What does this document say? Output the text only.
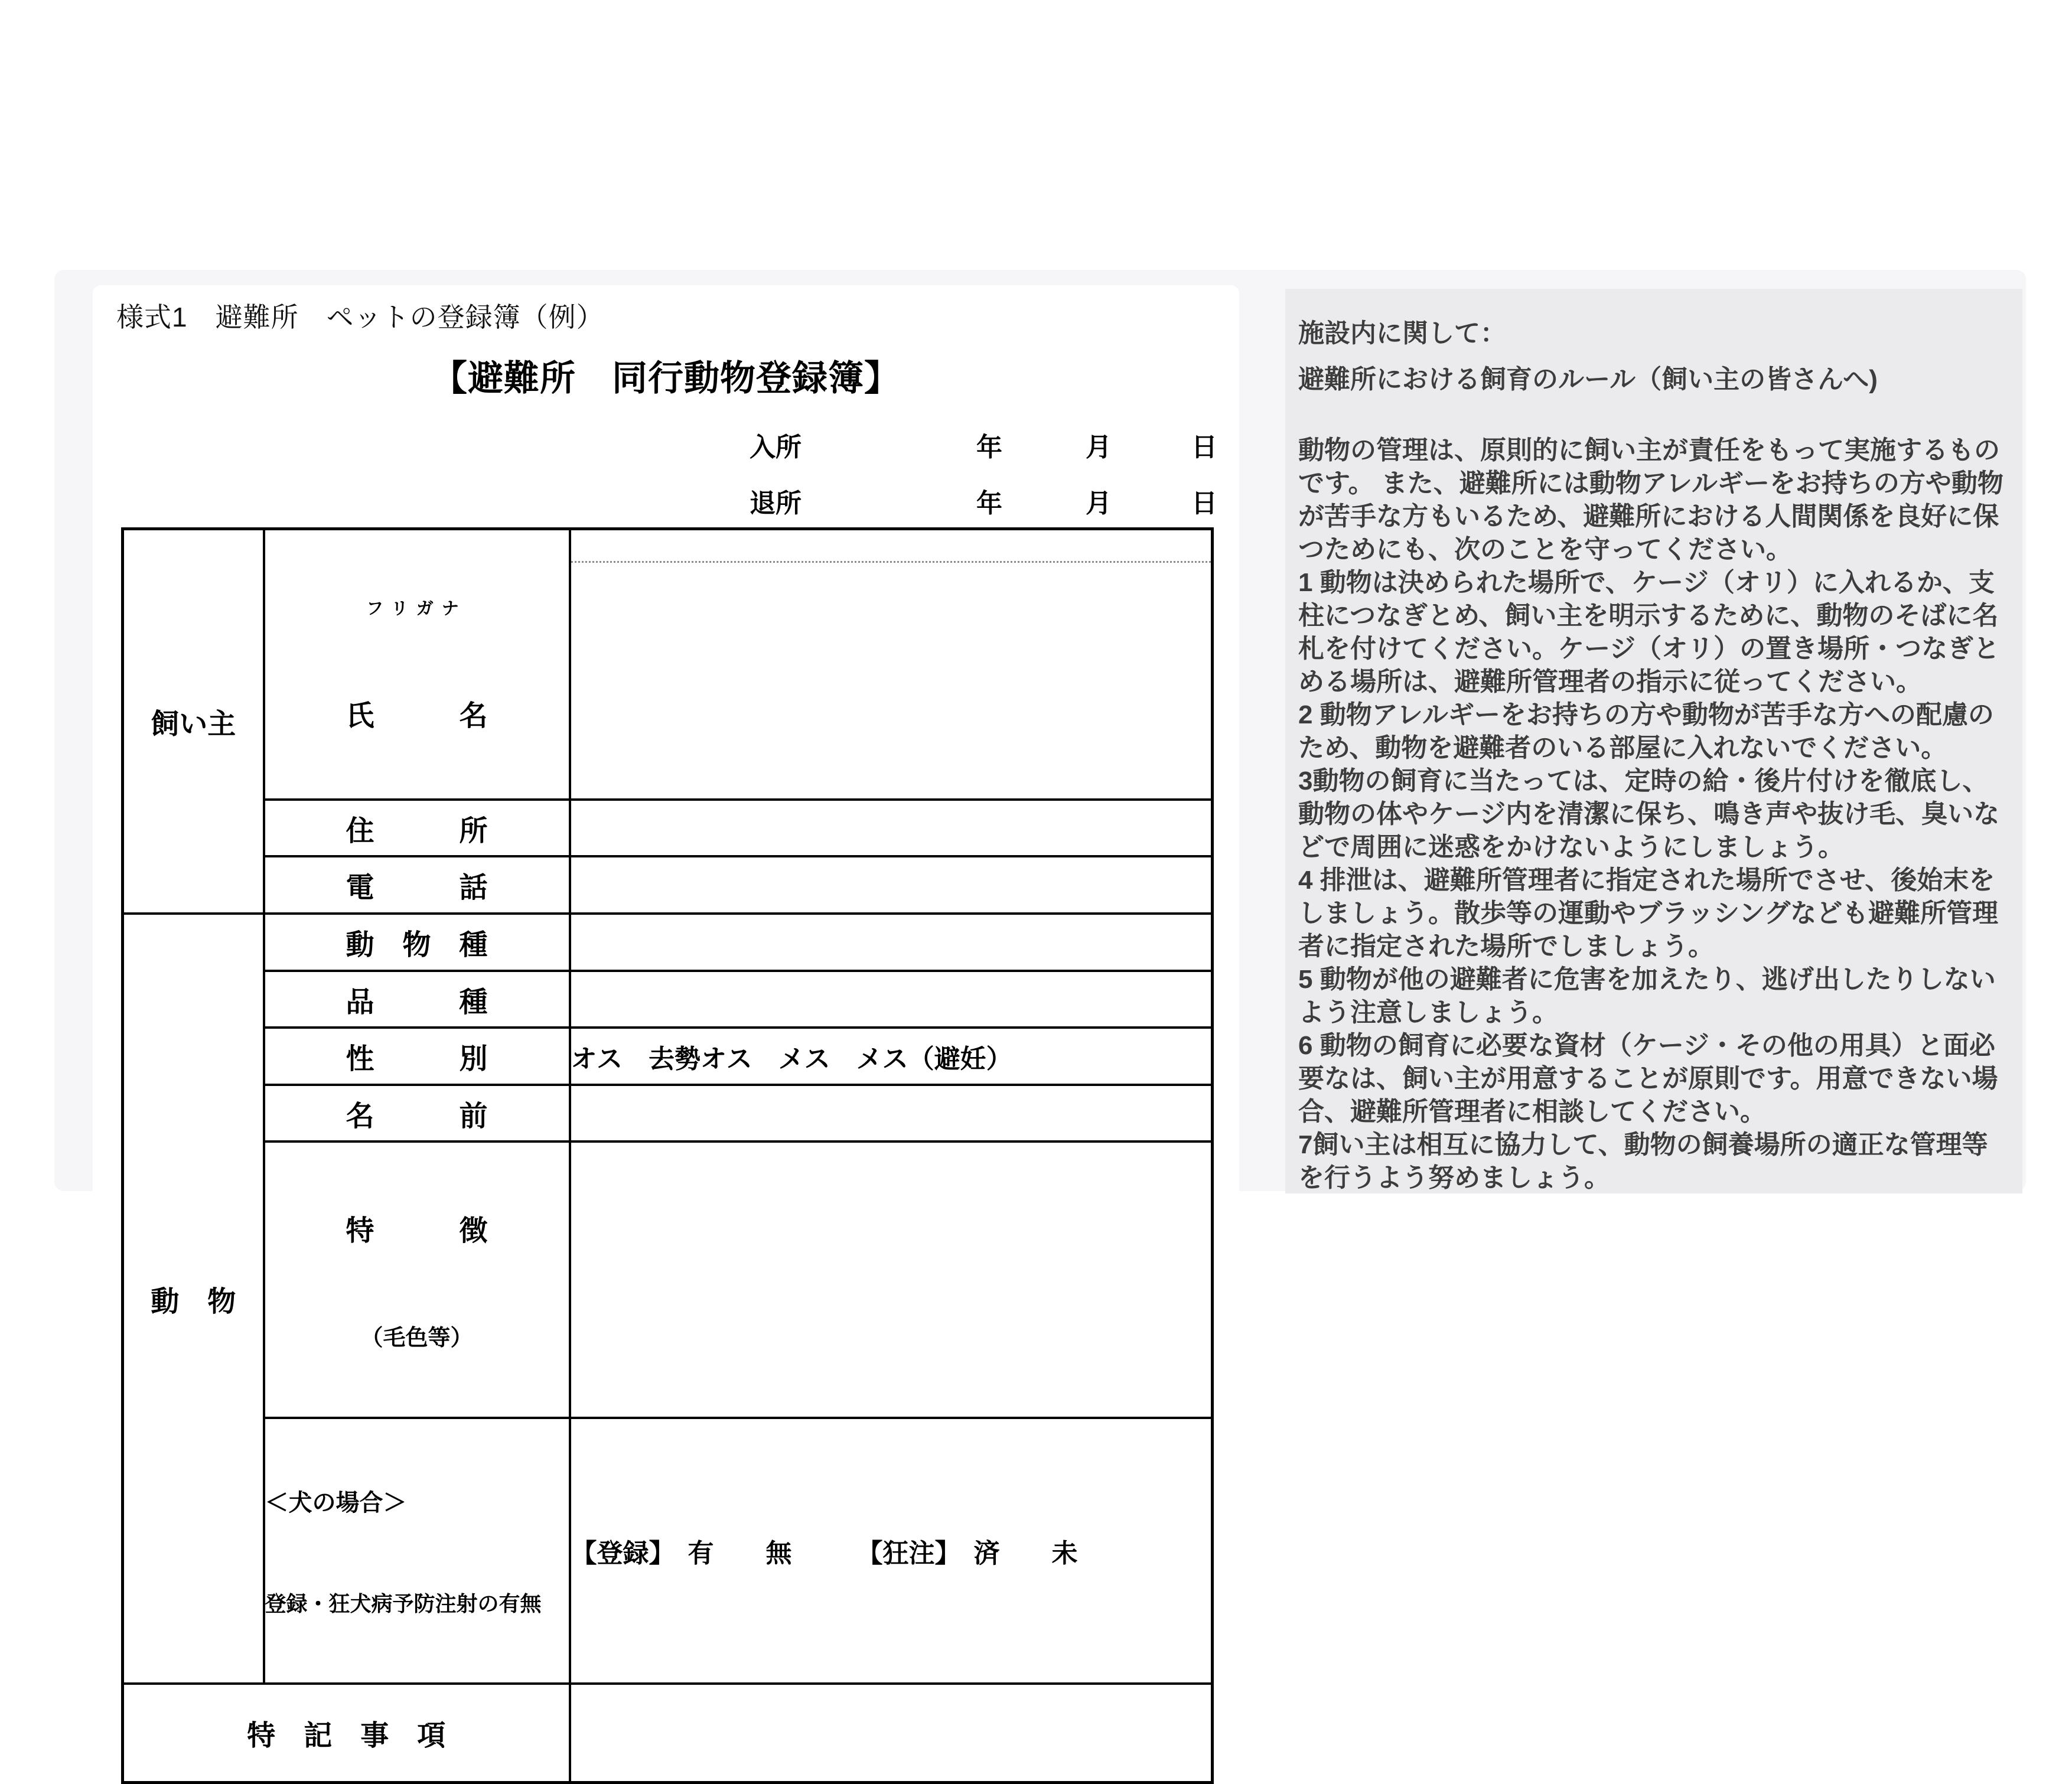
様式1　避難所　ペットの登録簿（例）
【避難所　同行動物登録簿】
入所	年	月	日
退所	年	月	日
飼い主	フリガナ

氏　　　名	

	住　　　所	
	電　　　話	
動　物	動　物　種	
	品　　　種	
	性　　　別	オス　去勢オス　メス　メス（避妊）
	名　　　前	

	特　　　徴

（毛色等）	

	＜犬の場合＞

登録・狂犬病予防注射の有無	【登録】　有　　無　　　【狂注】　済　　未
特　記　事　項		
施設内に関して：
避難所における飼育のルール（飼い主の皆さんへ)
動物の管理は、原則的に飼い主が責任をもって実施するものです。 また、避難所には動物アレルギーをお持ちの方や動物が苦手な方もいるため、避難所における人間関係を良好に保つためにも、次のことを守ってください。
1 動物は決められた場所で、ケージ（オリ）に入れるか、支柱につなぎとめ、飼い主を明示するために、動物のそばに名札を付けてください。ケージ（オリ）の置き場所・つなぎとめる場所は、避難所管理者の指示に従ってください。
2 動物アレルギーをお持ちの方や動物が苦手な方への配慮のため、動物を避難者のいる部屋に入れないでください。
3動物の飼育に当たっては、定時の給・後片付けを徹底し、動物の体やケージ内を清潔に保ち、鳴き声や抜け毛、臭いなどで周囲に迷惑をかけないようにしましょう。
4 排泄は、避難所管理者に指定された場所でさせ、後始末をしましょう。散歩等の運動やブラッシングなども避難所管理者に指定された場所でしましょう。
5 動物が他の避難者に危害を加えたり、逃げ出したりしないよう注意しましょう。
6 動物の飼育に必要な資材（ケージ・その他の用具）と面必要なは、飼い主が用意することが原則です。用意できない場合、避難所管理者に相談してください。
7飼い主は相互に協力して、動物の飼養場所の適正な管理等を行うよう努めましょう。
